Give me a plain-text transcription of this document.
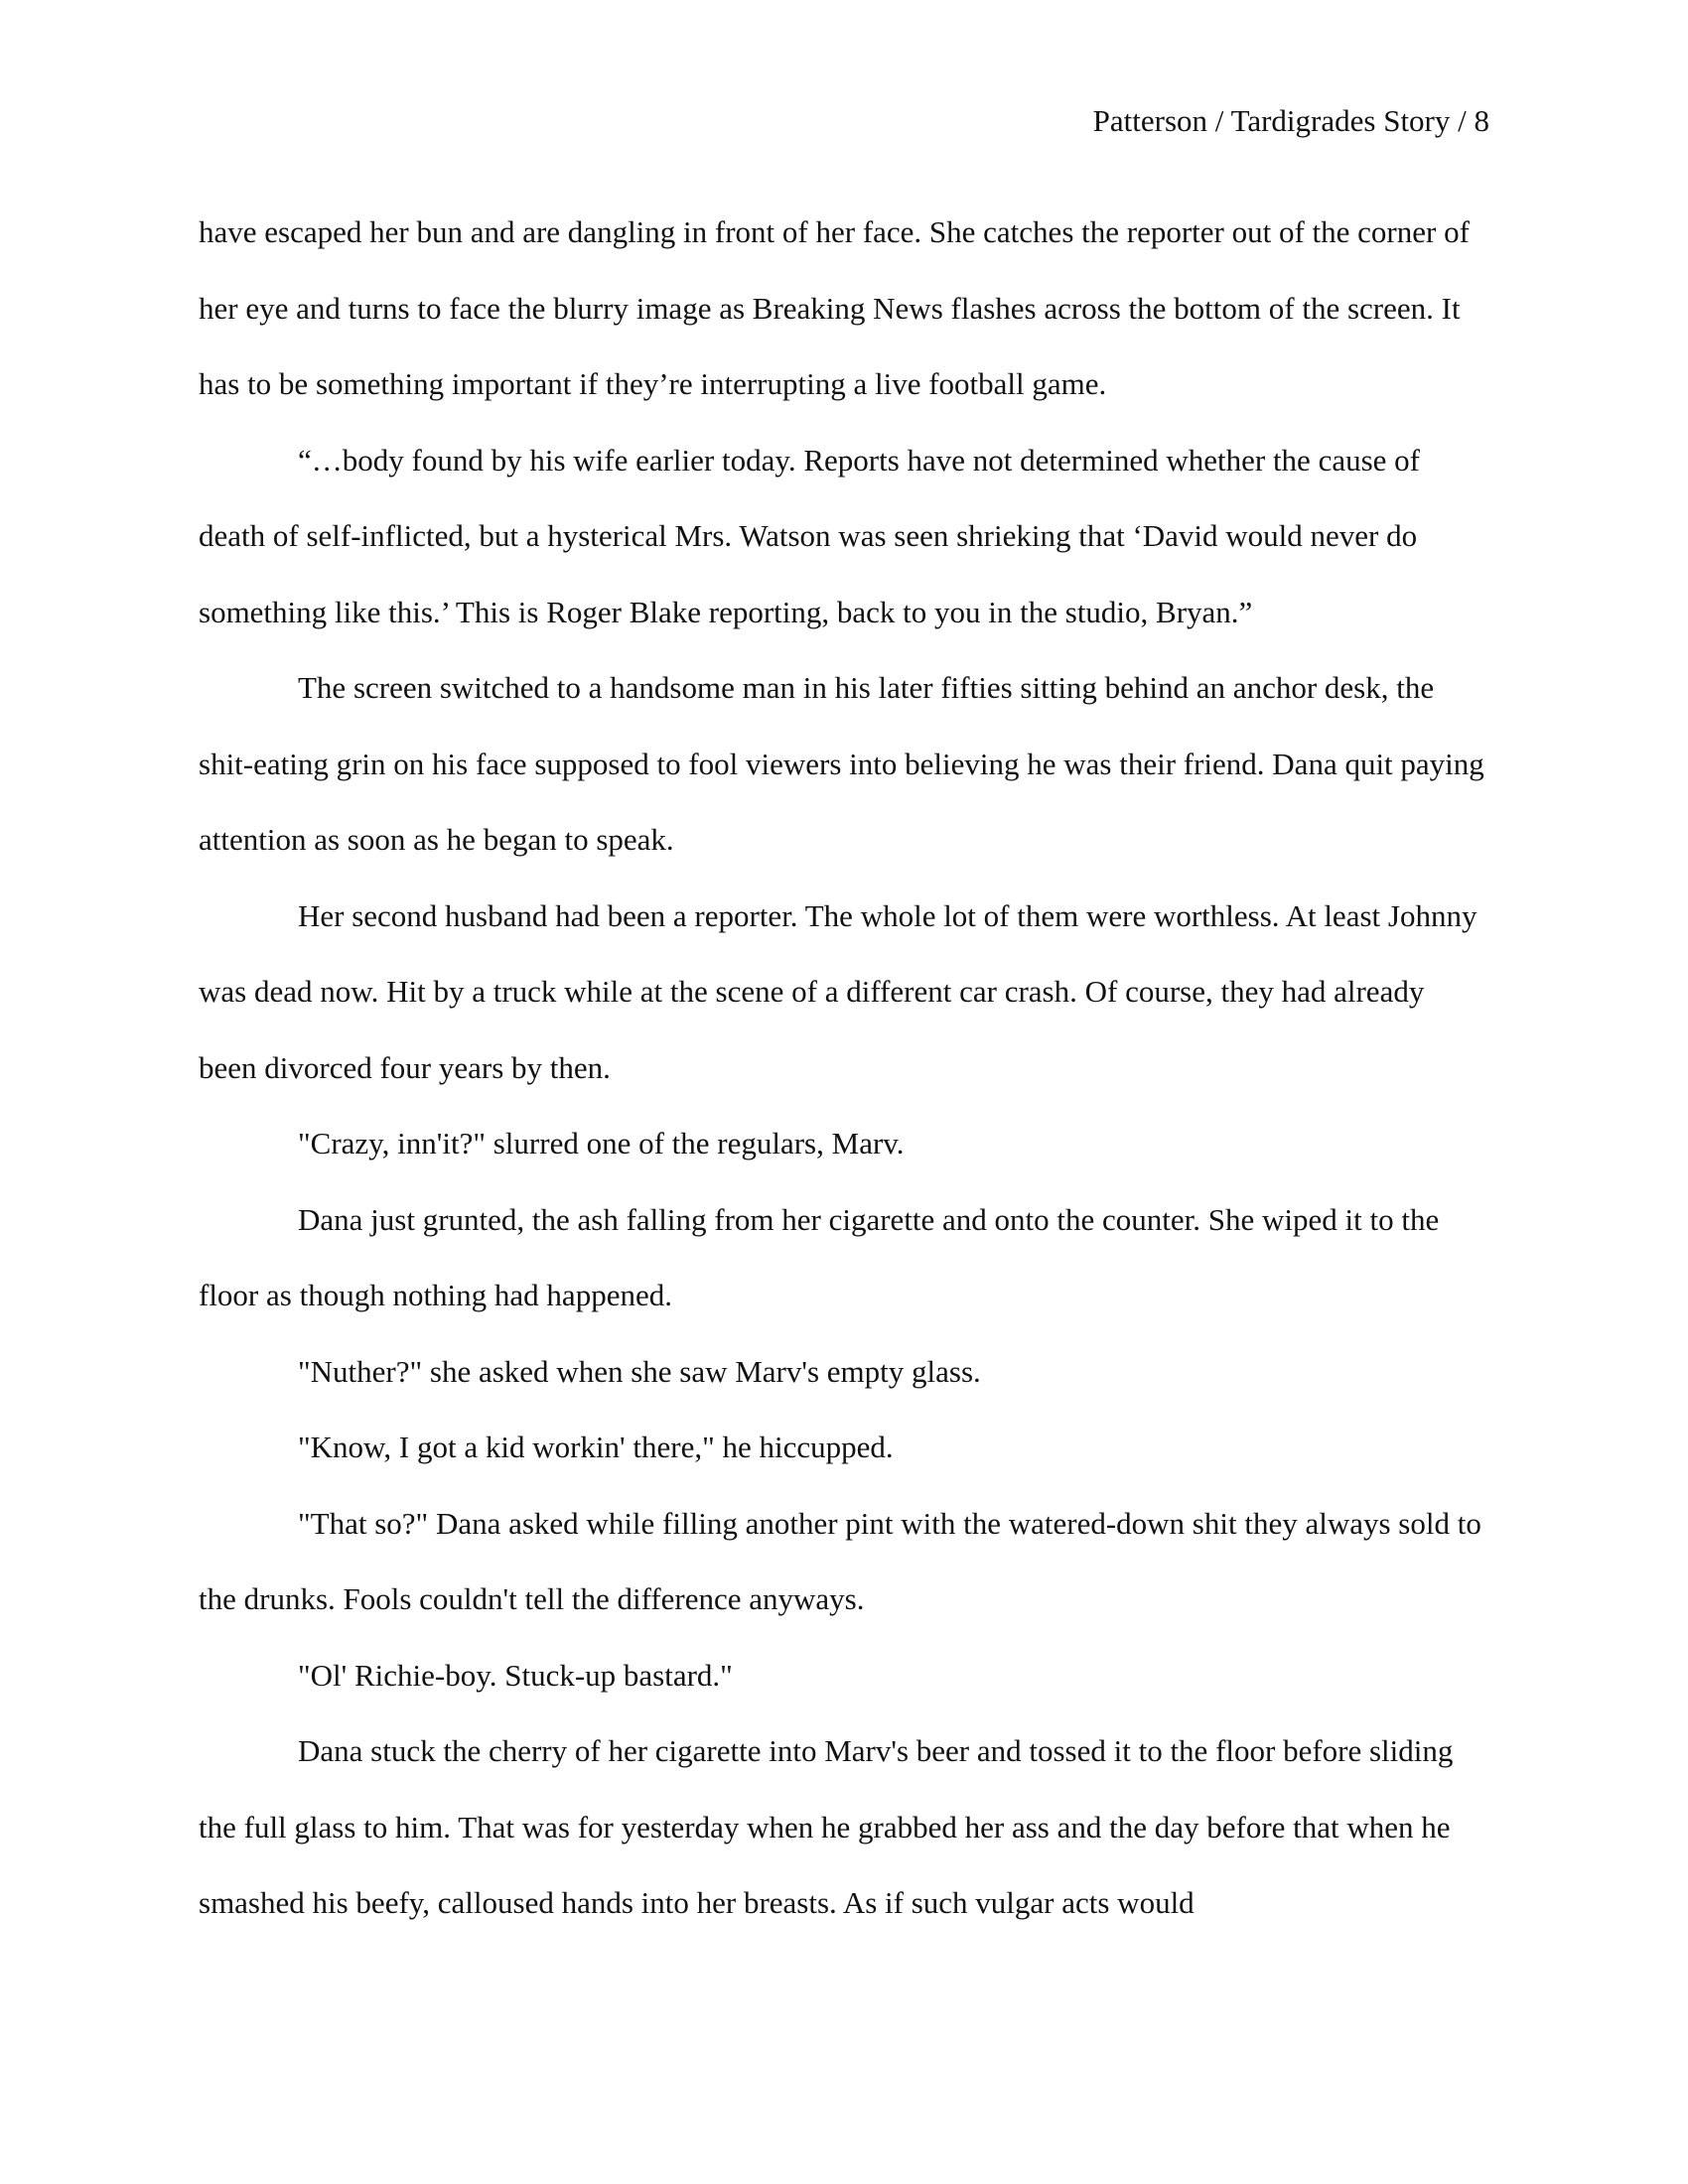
Patterson / Tardigrades Story / 8

have escaped her bun and are dangling in front of her face. She catches the reporter out of the corner of her eye and turns to face the blurry image as Breaking News flashes across the bottom of the screen. It has to be something important if they’re interrupting a live football game.

“…body found by his wife earlier today. Reports have not determined whether the cause of death of self-inflicted, but a hysterical Mrs. Watson was seen shrieking that ‘David would never do something like this.’ This is Roger Blake reporting, back to you in the studio, Bryan.”

The screen switched to a handsome man in his later fifties sitting behind an anchor desk, the shit-eating grin on his face supposed to fool viewers into believing he was their friend. Dana quit paying attention as soon as he began to speak.

Her second husband had been a reporter. The whole lot of them were worthless. At least Johnny was dead now. Hit by a truck while at the scene of a different car crash. Of course, they had already been divorced four years by then.

"Crazy, inn'it?" slurred one of the regulars, Marv.

Dana just grunted, the ash falling from her cigarette and onto the counter. She wiped it to the floor as though nothing had happened.

"Nuther?" she asked when she saw Marv's empty glass.

"Know, I got a kid workin' there," he hiccupped.

"That so?" Dana asked while filling another pint with the watered-down shit they always sold to the drunks. Fools couldn't tell the difference anyways.

"Ol' Richie-boy. Stuck-up bastard."

Dana stuck the cherry of her cigarette into Marv's beer and tossed it to the floor before sliding the full glass to him. That was for yesterday when he grabbed her ass and the day before that when he smashed his beefy, calloused hands into her breasts. As if such vulgar acts would
